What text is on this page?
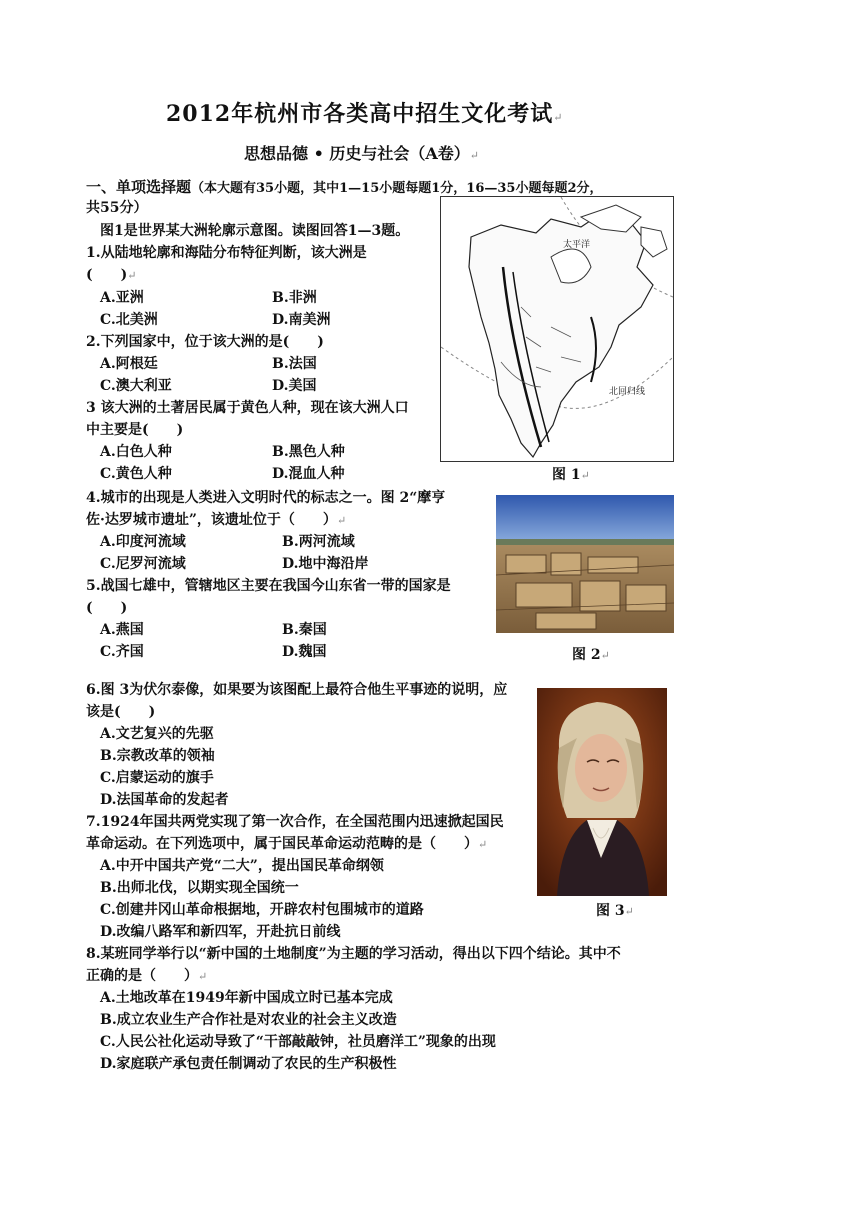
2012年杭州市各类高中招生文化考试↵
思想品德 • 历史与社会（A卷）↵
一、单项选择题（本大题有35小题，其中1—15小题每题1分，16—35小题每题2分，
共55分）
图1是世界某大洲轮廓示意图。读图回答1—3题。
1.从陆地轮廓和海陆分布特征判断，该大洲是
(　　)↵
A.亚洲	B.非洲
C.北美洲	D.南美洲
2.下列国家中，位于该大洲的是(　　)
A.阿根廷	B.法国
C.澳大利亚	D.美国
3 该大洲的土著居民属于黄色人种，现在该大洲人口
中主要是(　　)
A.白色人种	B.黑色人种
C.黄色人种	D.混血人种
太平洋
北回归线
图 1↵
4.城市的出现是人类进入文明时代的标志之一。图 2“摩亨
佐·达罗城市遗址”，该遗址位于（　　）↵
A.印度河流域	B.两河流域
C.尼罗河流域	D.地中海沿岸
5.战国七雄中，管辖地区主要在我国今山东省一带的国家是
(　　)
A.燕国	B.秦国
C.齐国	D.魏国	图 2↵
6.图 3为伏尔泰像，如果要为该图配上最符合他生平事迹的说明，应
该是(　　)
A.文艺复兴的先驱
B.宗教改革的领袖
C.启蒙运动的旗手
D.法国革命的发起者
图 3↵
7.1924年国共两党实现了第一次合作，在全国范围内迅速掀起国民
革命运动。在下列选项中，属于国民革命运动范畴的是（　　）↵
A.中开中国共产党“二大”，提出国民革命纲领
B.出师北伐，以期实现全国统一
C.创建井冈山革命根据地，开辟农村包围城市的道路
D.改编八路军和新四军，开赴抗日前线
8.某班同学举行以“新中国的土地制度”为主题的学习活动，得出以下四个结论。其中不
正确的是（　　）↵
A.土地改革在1949年新中国成立时已基本完成
B.成立农业生产合作社是对农业的社会主义改造
C.人民公社化运动导致了“干部敲敲钟，社员磨洋工”现象的出现
D.家庭联产承包责任制调动了农民的生产积极性
